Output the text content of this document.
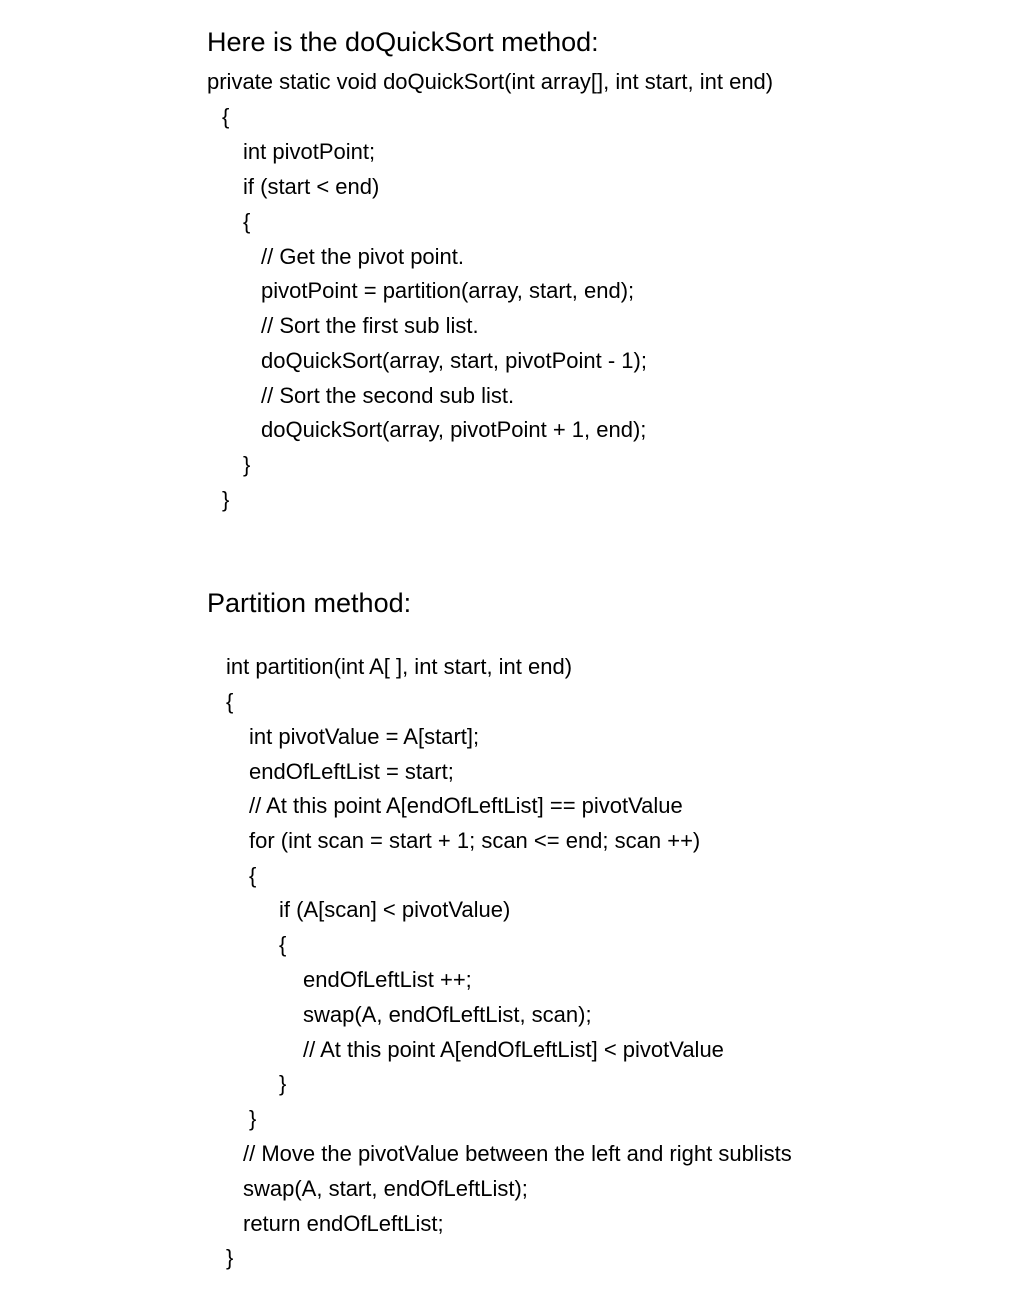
Here is the doQuickSort method:
private static void doQuickSort(int array[], int start, int end)
{
int pivotPoint;
if (start < end)
{
// Get the pivot point.
pivotPoint = partition(array, start, end);
// Sort the first sub list.
doQuickSort(array, start, pivotPoint - 1);
// Sort the second sub list.
doQuickSort(array, pivotPoint + 1, end);
}
}
Partition method:
int partition(int A[ ], int start, int end)
{
int pivotValue = A[start];
endOfLeftList = start;
// At this point A[endOfLeftList] == pivotValue
for (int scan = start + 1; scan <= end; scan ++)
{
if (A[scan] < pivotValue)
{
endOfLeftList ++;
swap(A, endOfLeftList, scan);
// At this point A[endOfLeftList] < pivotValue
}
}
// Move the pivotValue between the left and right sublists
swap(A, start, endOfLeftList);
return endOfLeftList;
}
